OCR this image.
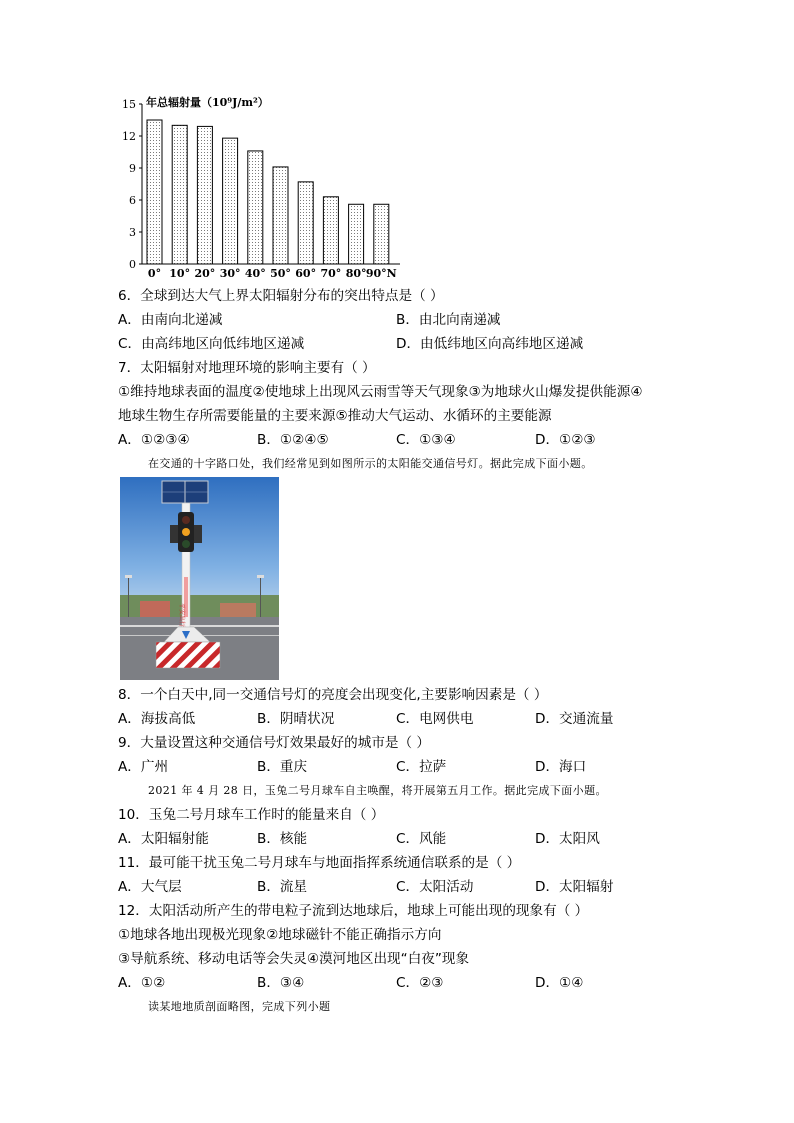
15
12
9
6
3
0
0° 10° 20° 30° 40° 50° 60° 70° 80° 90°N
年总辐射量（10⁹J/m²）
6．全球到达大气上界太阳辐射分布的突出特点是（ ）
A．由南向北递减	B．由北向南递减
C．由高纬地区向低纬地区递减	D．由低纬地区向高纬地区递减
7．太阳辐射对地理环境的影响主要有（ ）
①维持地球表面的温度②使地球上出现风云雨雪等天气现象③为地球火山爆发提供能源④
地球生物生存所需要能量的主要来源⑤推动大气运动、水循环的主要能源
A．①②③④	B．①②④⑤	C．①③④	D．①②③
在交通的十字路口处，我们经常见到如图所示的太阳能交通信号灯。据此完成下面小题。
平安出行
8．一个白天中,同一交通信号灯的亮度会出现变化,主要影响因素是（ ）
A．海拔高低	B．阴晴状况	C．电网供电	D．交通流量
9．大量设置这种交通信号灯效果最好的城市是（ ）
A．广州	B．重庆	C．拉萨	D．海口
2021 年 4 月 28 日，玉兔二号月球车自主唤醒，将开展第五月工作。据此完成下面小题。
10．玉兔二号月球车工作时的能量来自（ ）
A．太阳辐射能	B．核能	C．风能	D．太阳风
11．最可能干扰玉兔二号月球车与地面指挥系统通信联系的是（ ）
A．大气层	B．流星	C．太阳活动	D．太阳辐射
12．太阳活动所产生的带电粒子流到达地球后，地球上可能出现的现象有（ ）
①地球各地出现极光现象②地球磁针不能正确指示方向
③导航系统、移动电话等会失灵④漠河地区出现“白夜”现象
A．①②	B．③④	C．②③	D．①④
读某地地质剖面略图，完成下列小题
